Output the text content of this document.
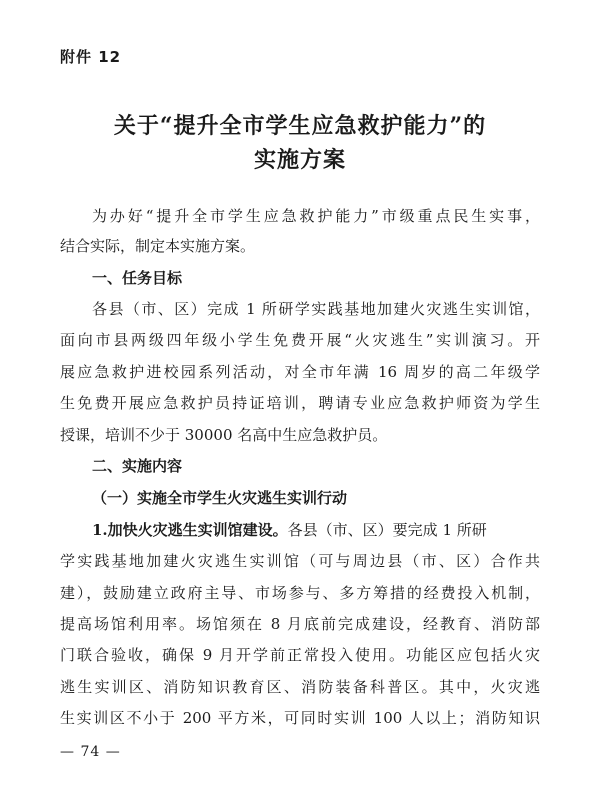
附件 12
关于“提升全市学生应急救护能力”的
实施方案
为办好“提升全市学生应急救护能力”市级重点民生实事，
结合实际，制定本实施方案。
一、任务目标
各县（市、区）完成 1 所研学实践基地加建火灾逃生实训馆，
面向市县两级四年级小学生免费开展“火灾逃生”实训演习。开
展应急救护进校园系列活动，对全市年满 16 周岁的高二年级学
生免费开展应急救护员持证培训，聘请专业应急救护师资为学生
授课，培训不少于 30000 名高中生应急救护员。
二、实施内容
（一）实施全市学生火灾逃生实训行动
1.加快火灾逃生实训馆建设。各县（市、区）要完成 1 所研
学实践基地加建火灾逃生实训馆（可与周边县（市、区）合作共
建），鼓励建立政府主导、市场参与、多方筹措的经费投入机制，
提高场馆利用率。场馆须在 8 月底前完成建设，经教育、消防部
门联合验收，确保 9 月开学前正常投入使用。功能区应包括火灾
逃生实训区、消防知识教育区、消防装备科普区。其中，火灾逃
生实训区不小于 200 平方米，可同时实训 100 人以上；消防知识
— 74 —
